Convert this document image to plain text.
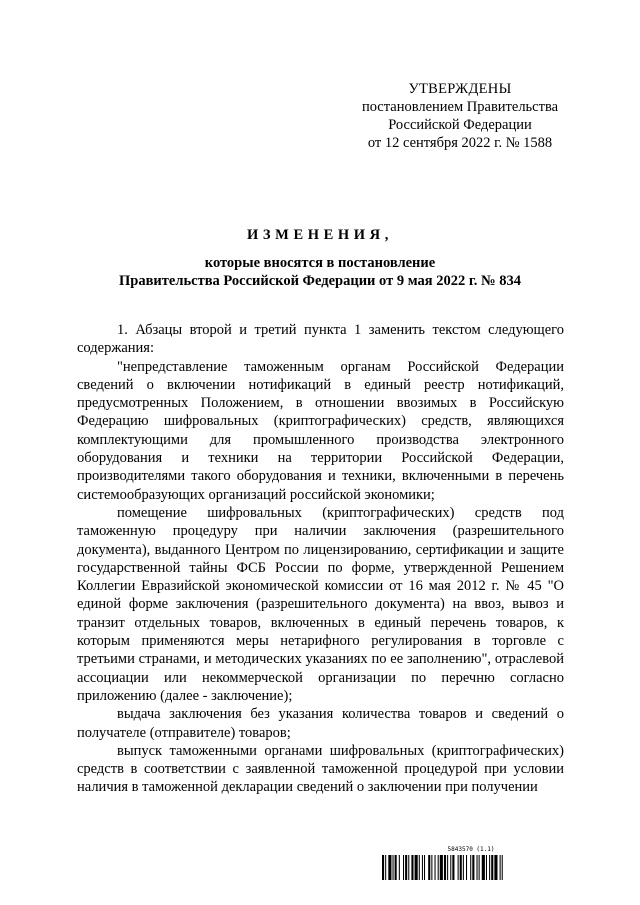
УТВЕРЖДЕНЫ
постановлением Правительства
Российской Федерации
от 12 сентября 2022 г. № 1588
ИЗМЕНЕНИЯ,
которые вносятся в постановление
Правительства Российской Федерации от 9 мая 2022 г. № 834

1. Абзацы второй и третий пункта 1 заменить текстом следующего содержания:

"непредставление таможенным органам Российской Федерации сведений о включении нотификаций в единый реестр нотификаций, предусмотренных Положением, в отношении ввозимых в Российскую Федерацию шифровальных (криптографических) средств, являющихся комплектующими для промышленного производства электронного оборудования и техники на территории Российской Федерации, производителями такого оборудования и техники, включенными в перечень системообразующих организаций российской экономики;

помещение шифровальных (криптографических) средств под таможенную процедуру при наличии заключения (разрешительного документа), выданного Центром по лицензированию, сертификации и защите государственной тайны ФСБ России по форме, утвержденной Решением Коллегии Евразийской экономической комиссии от 16 мая 2012 г. № 45 "О единой форме заключения (разрешительного документа) на ввоз, вывоз и транзит отдельных товаров, включенных в единый перечень товаров, к которым применяются меры нетарифного регулирования в торговле с третьими странами, и методических указаниях по ее заполнению", отраслевой ассоциации или некоммерческой организации по перечню согласно приложению (далее - заключение);

выдача заключения без указания количества товаров и сведений о получателе (отправителе) товаров;

выпуск таможенными органами шифровальных (криптографических) средств в соответствии с заявленной таможенной процедурой при условии наличия в таможенной декларации сведений о заключении при получении

5843570 (1.1)
